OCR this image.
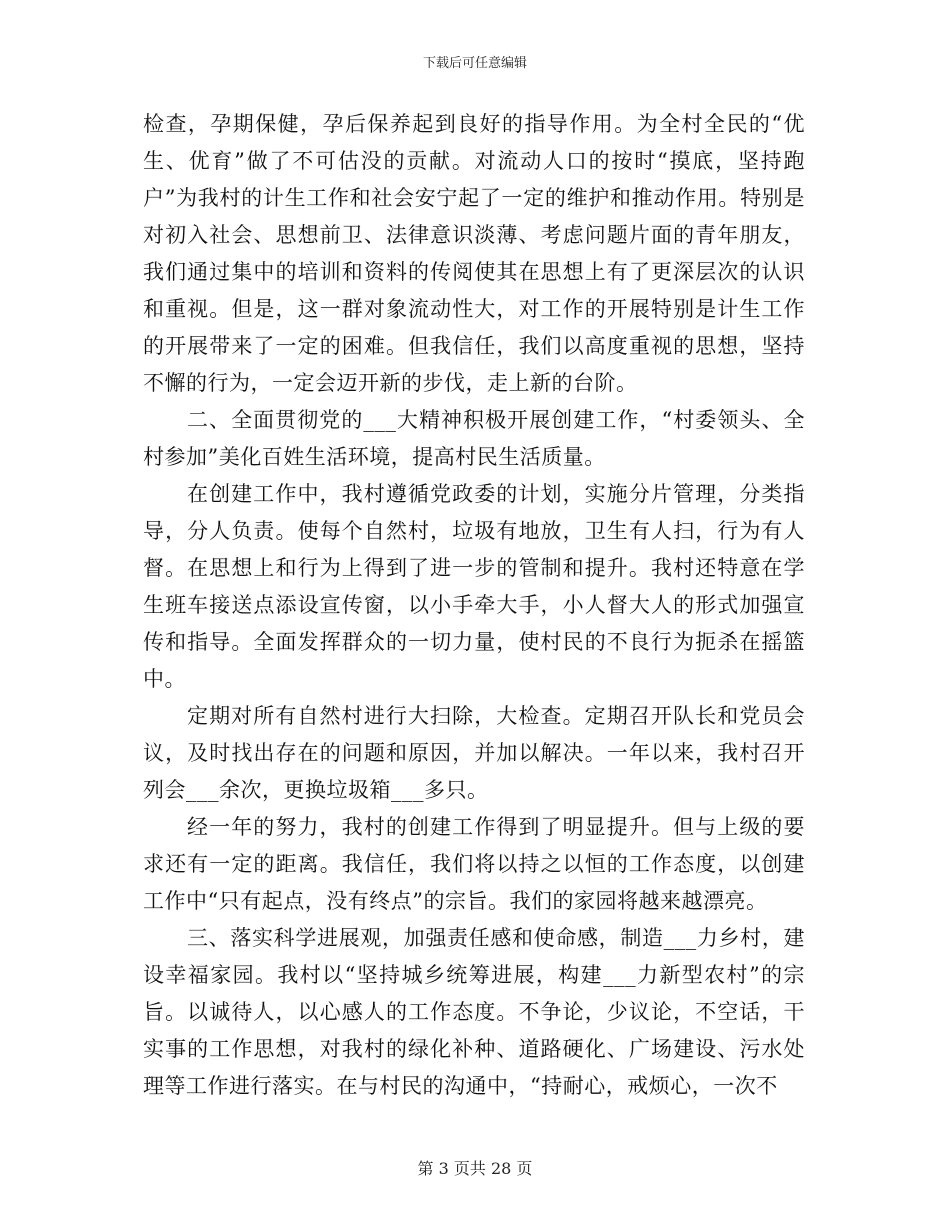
下载后可任意编辑

检查，孕期保健，孕后保养起到良好的指导作用。为全村全民的“优生、优育”做了不可估没的贡献。对流动人口的按时“摸底，坚持跑户”为我村的计生工作和社会安宁起了一定的维护和推动作用。特别是对初入社会、思想前卫、法律意识淡薄、考虑问题片面的青年朋友，我们通过集中的培训和资料的传阅使其在思想上有了更深层次的认识和重视。但是，这一群对象流动性大，对工作的开展特别是计生工作的开展带来了一定的困难。但我信任，我们以高度重视的思想，坚持不懈的行为，一定会迈开新的步伐，走上新的台阶。

二、全面贯彻党的___大精神积极开展创建工作，“村委领头、全村参加”美化百姓生活环境，提高村民生活质量。

在创建工作中，我村遵循党政委的计划，实施分片管理，分类指导，分人负责。使每个自然村，垃圾有地放，卫生有人扫，行为有人督。在思想上和行为上得到了进一步的管制和提升。我村还特意在学生班车接送点添设宣传窗，以小手牵大手，小人督大人的形式加强宣传和指导。全面发挥群众的一切力量，使村民的不良行为扼杀在摇篮中。

定期对所有自然村进行大扫除，大检查。定期召开队长和党员会议，及时找出存在的问题和原因，并加以解决。一年以来，我村召开列会___余次，更换垃圾箱___多只。

经一年的努力，我村的创建工作得到了明显提升。但与上级的要求还有一定的距离。我信任，我们将以持之以恒的工作态度，以创建工作中“只有起点，没有终点”的宗旨。我们的家园将越来越漂亮。

三、落实科学进展观，加强责任感和使命感，制造___力乡村，建设幸福家园。我村以“坚持城乡统筹进展，构建___力新型农村”的宗旨。以诚待人，以心感人的工作态度。不争论，少议论，不空话，干实事的工作思想，对我村的绿化补种、道路硬化、广场建设、污水处理等工作进行落实。在与村民的沟通中，“持耐心，戒烦心，一次不

第 3 页共 28 页
